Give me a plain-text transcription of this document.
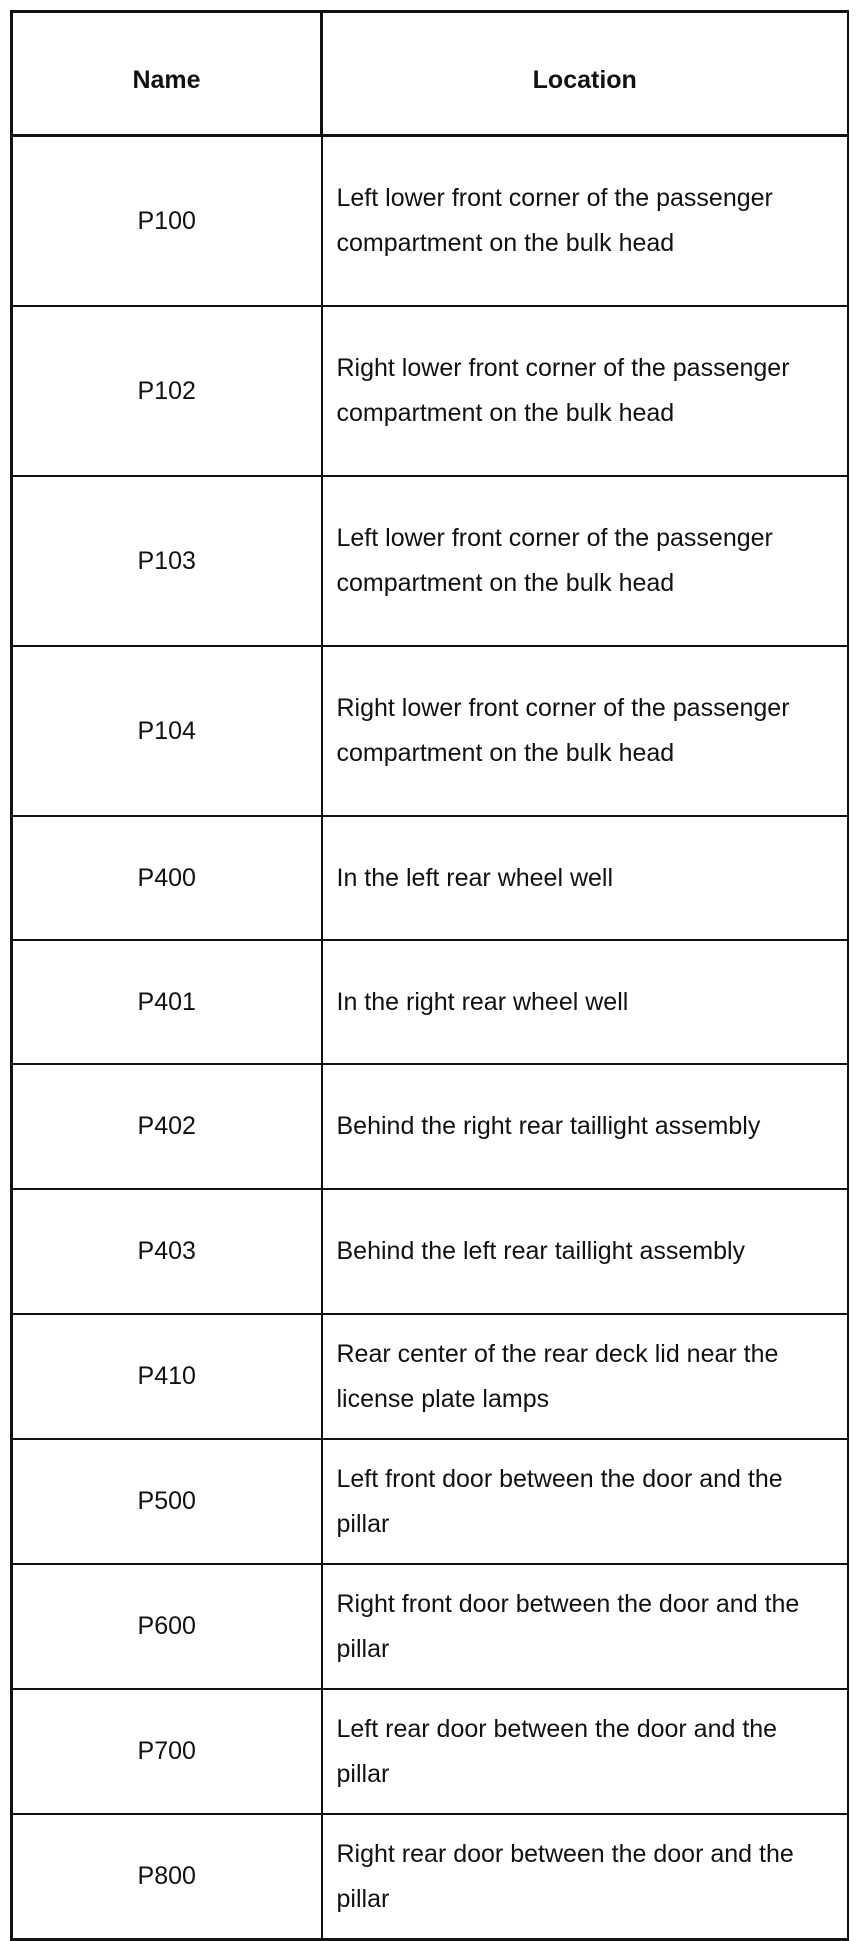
Name	Location
P100	Left lower front corner of the passenger compartment on the bulk head
P102	Right lower front corner of the passenger compartment on the bulk head
P103	Left lower front corner of the passenger compartment on the bulk head
P104	Right lower front corner of the passenger compartment on the bulk head
P400	In the left rear wheel well
P401	In the right rear wheel well
P402	Behind the right rear taillight assembly
P403	Behind the left rear taillight assembly
P410	Rear center of the rear deck lid near the license plate lamps
P500	Left front door between the door and the pillar
P600	Right front door between the door and the pillar
P700	Left rear door between the door and the pillar
P800	Right rear door between the door and the pillar
